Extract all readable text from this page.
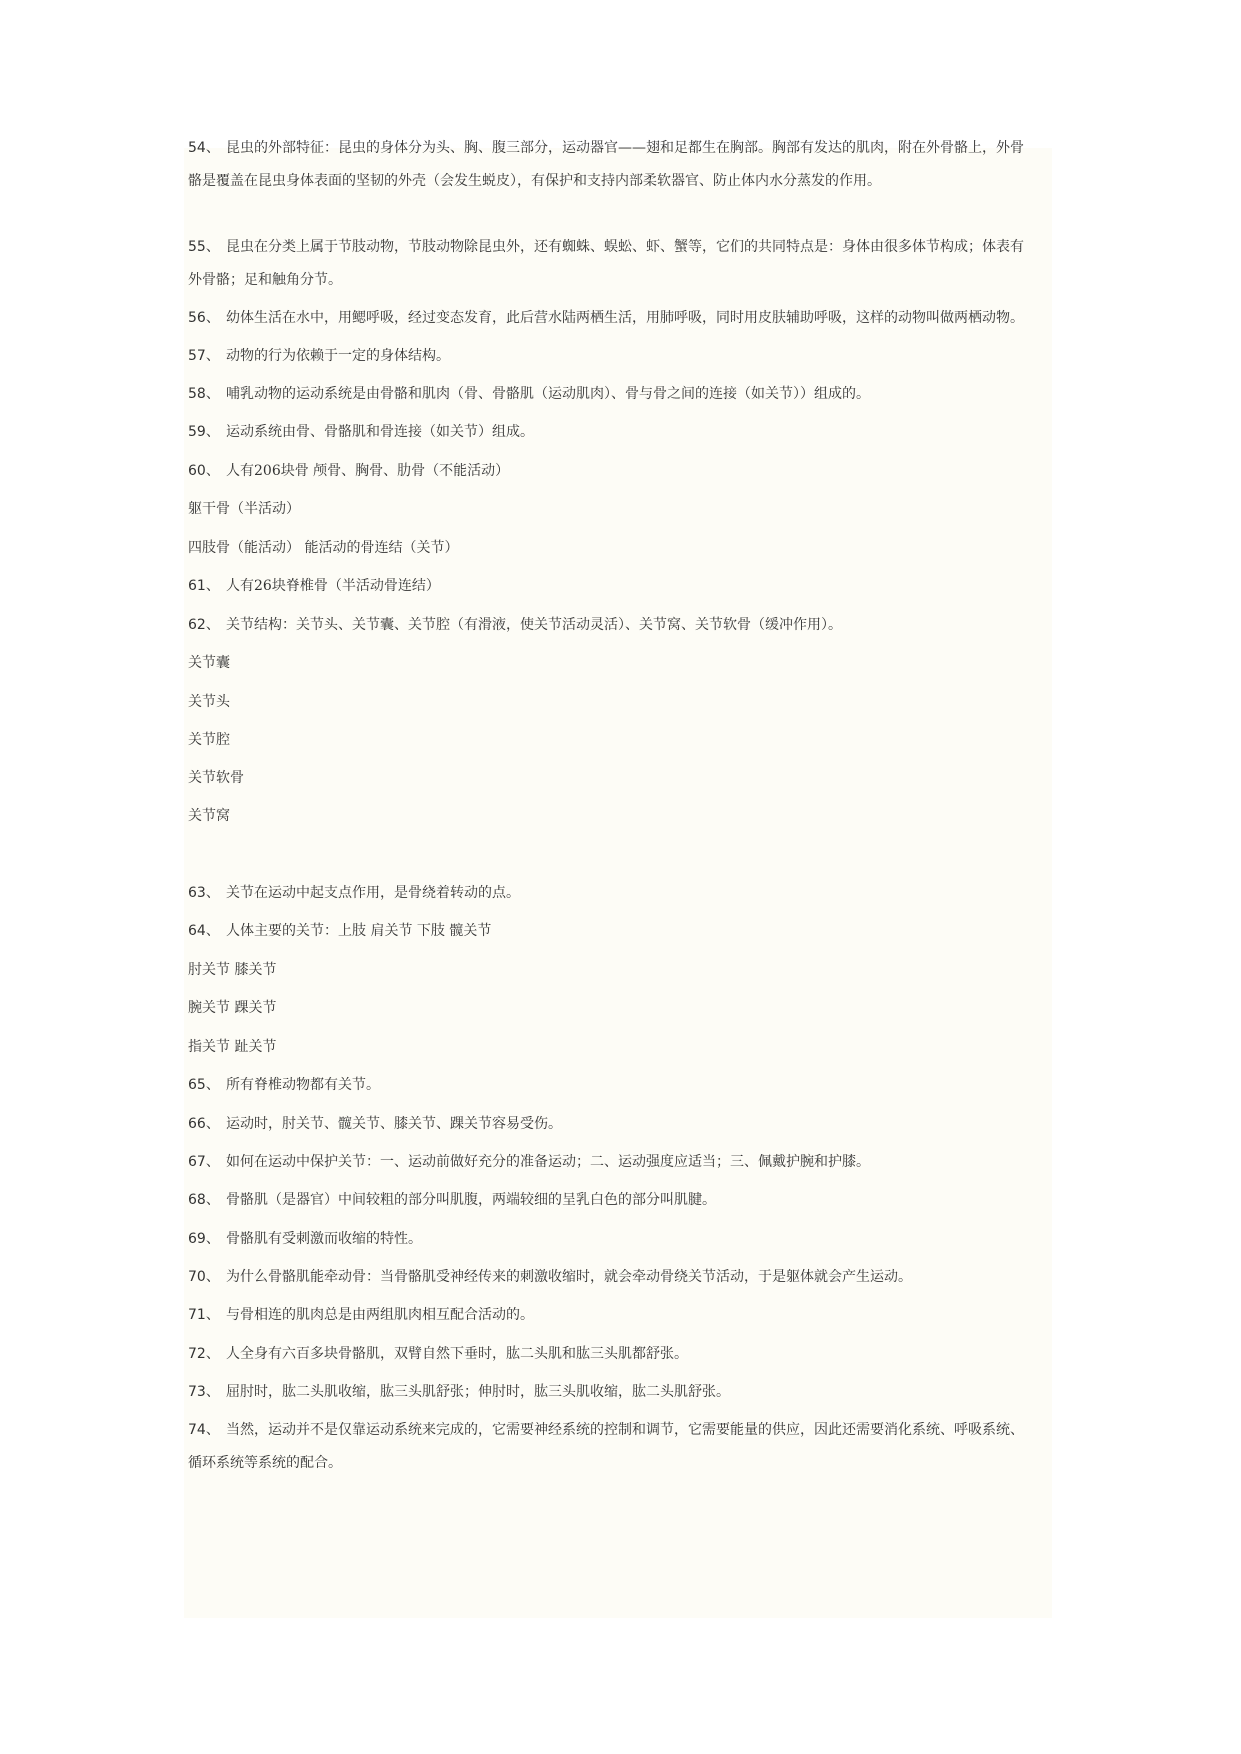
54、 昆虫的外部特征：昆虫的身体分为头、胸、腹三部分，运动器官——翅和足都生在胸部。胸部有发达的肌肉，附在外骨骼上，外骨
骼是覆盖在昆虫身体表面的坚韧的外壳（会发生蜕皮），有保护和支持内部柔软器官、防止体内水分蒸发的作用。
55、 昆虫在分类上属于节肢动物，节肢动物除昆虫外，还有蜘蛛、蜈蚣、虾、蟹等，它们的共同特点是：身体由很多体节构成；体表有
外骨骼；足和触角分节。
56、 幼体生活在水中，用鳃呼吸，经过变态发育，此后营水陆两栖生活，用肺呼吸，同时用皮肤辅助呼吸，这样的动物叫做两栖动物。
57、 动物的行为依赖于一定的身体结构。
58、 哺乳动物的运动系统是由骨骼和肌肉（骨、骨骼肌（运动肌肉）、骨与骨之间的连接（如关节））组成的。
59、 运动系统由骨、骨骼肌和骨连接（如关节）组成。
60、 人有206块骨 颅骨、胸骨、肋骨（不能活动）
躯干骨（半活动）
四肢骨（能活动） 能活动的骨连结（关节）
61、 人有26块脊椎骨（半活动骨连结）
62、 关节结构：关节头、关节囊、关节腔（有滑液，使关节活动灵活）、关节窝、关节软骨（缓冲作用）。
关节囊
关节头
关节腔
关节软骨
关节窝
63、 关节在运动中起支点作用，是骨绕着转动的点。
64、 人体主要的关节：上肢 肩关节 下肢 髋关节
肘关节 膝关节
腕关节 踝关节
指关节 趾关节
65、 所有脊椎动物都有关节。
66、 运动时，肘关节、髋关节、膝关节、踝关节容易受伤。
67、 如何在运动中保护关节：一、运动前做好充分的准备运动；二、运动强度应适当；三、佩戴护腕和护膝。
68、 骨骼肌（是器官）中间较粗的部分叫肌腹，两端较细的呈乳白色的部分叫肌腱。
69、 骨骼肌有受刺激而收缩的特性。
70、 为什么骨骼肌能牵动骨：当骨骼肌受神经传来的刺激收缩时，就会牵动骨绕关节活动，于是躯体就会产生运动。
71、 与骨相连的肌肉总是由两组肌肉相互配合活动的。
72、 人全身有六百多块骨骼肌，双臂自然下垂时，肱二头肌和肱三头肌都舒张。
73、 屈肘时，肱二头肌收缩，肱三头肌舒张；伸肘时，肱三头肌收缩，肱二头肌舒张。
74、 当然，运动并不是仅靠运动系统来完成的，它需要神经系统的控制和调节，它需要能量的供应，因此还需要消化系统、呼吸系统、
循环系统等系统的配合。
